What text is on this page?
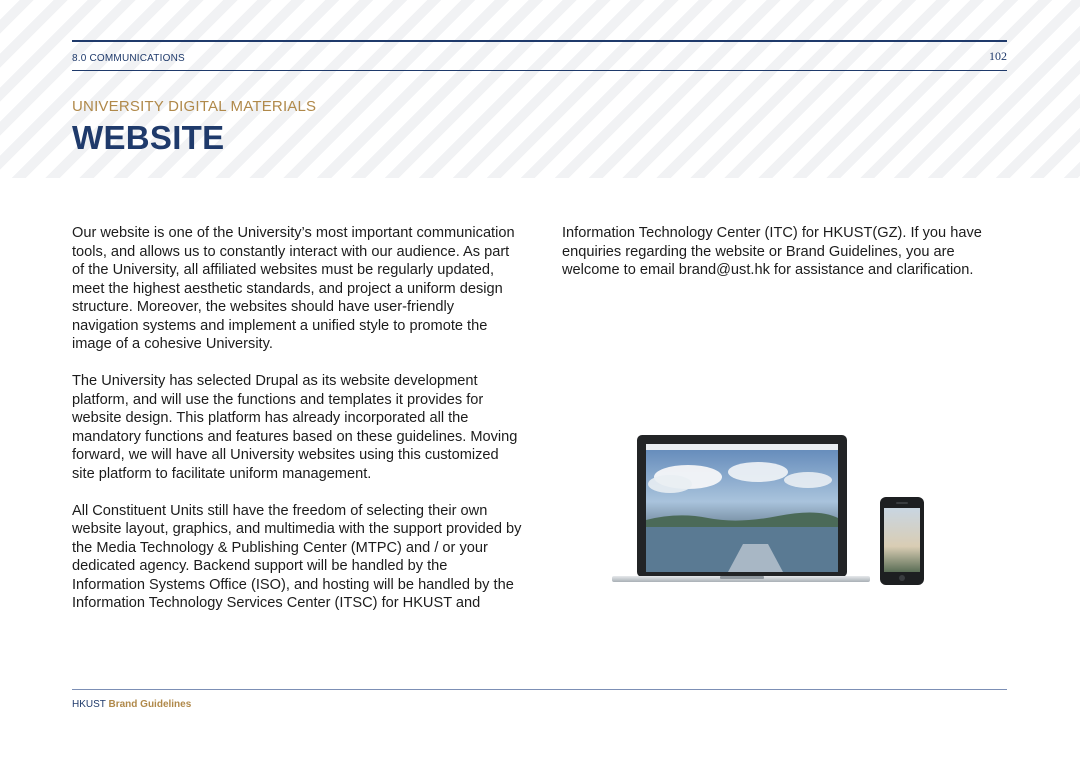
8.0 COMMUNICATIONS	102
UNIVERSITY DIGITAL MATERIALS
WEBSITE

Our website is one of the University’s most important communication tools, and allows us to constantly interact with our audience. As part of the University, all affiliated websites must be regularly updated, meet the highest aesthetic standards, and project a uniform design structure. Moreover, the websites should have user-friendly navigation systems and implement a unified style to promote the image of a cohesive University.

The University has selected Drupal as its website development platform, and will use the functions and templates it provides for website design. This platform has already incorporated all the mandatory functions and features based on these guidelines. Moving forward, we will have all University websites using this customized site platform to facilitate uniform management.

All Constituent Units still have the freedom of selecting their own website layout, graphics, and multimedia with the support provided by the Media Technology & Publishing Center (MTPC) and / or your dedicated agency. Backend support will be handled by the Information Systems Office (ISO), and hosting will be handled by the Information Technology Services Center (ITSC) for HKUST and

Information Technology Center (ITC) for HKUST(GZ). If you have enquiries regarding the website or Brand Guidelines, you are welcome to email brand@ust.hk for assistance and clarification.

HKUST Brand Guidelines
